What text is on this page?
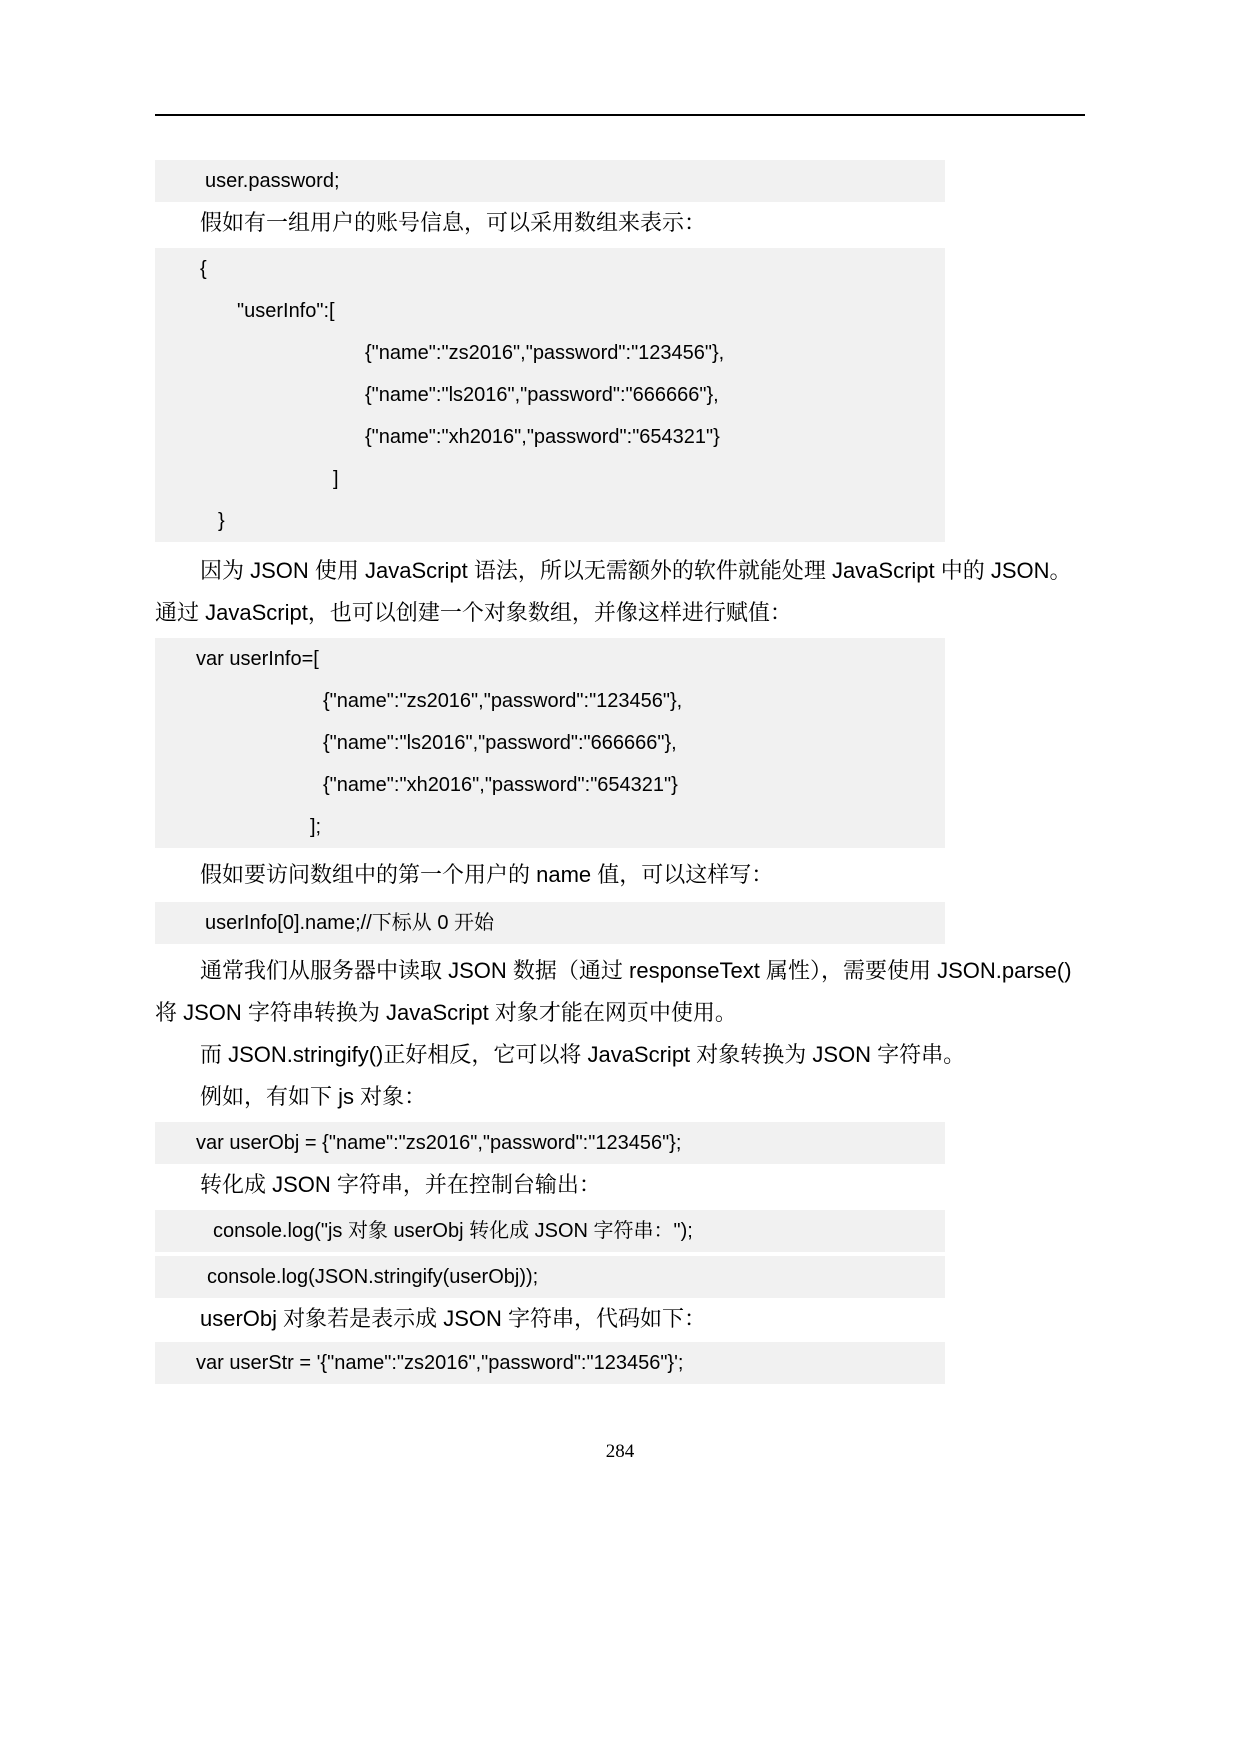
user.password;
假如有一组用户的账号信息，可以采用数组来表示：
{
"userInfo":[
{"name":"zs2016","password":"123456"},
{"name":"ls2016","password":"666666"},
{"name":"xh2016","password":"654321"}
]
}
因为 JSON 使用 JavaScript 语法，所以无需额外的软件就能处理 JavaScript 中的 JSON。
通过 JavaScript，也可以创建一个对象数组，并像这样进行赋值：
var userInfo=[
{"name":"zs2016","password":"123456"},
{"name":"ls2016","password":"666666"},
{"name":"xh2016","password":"654321"}
];
假如要访问数组中的第一个用户的 name 值，可以这样写：
userInfo[0].name;//下标从 0 开始
通常我们从服务器中读取 JSON 数据（通过 responseText 属性），需要使用 JSON.parse()
将 JSON 字符串转换为 JavaScript 对象才能在网页中使用。
而 JSON.stringify()正好相反，它可以将 JavaScript 对象转换为 JSON 字符串。
例如，有如下 js 对象：
var userObj = {"name":"zs2016","password":"123456"};
转化成 JSON 字符串，并在控制台输出：
console.log("js 对象 userObj 转化成 JSON 字符串：");
console.log(JSON.stringify(userObj));
userObj 对象若是表示成 JSON 字符串，代码如下：
var userStr = '{"name":"zs2016","password":"123456"}';
284
